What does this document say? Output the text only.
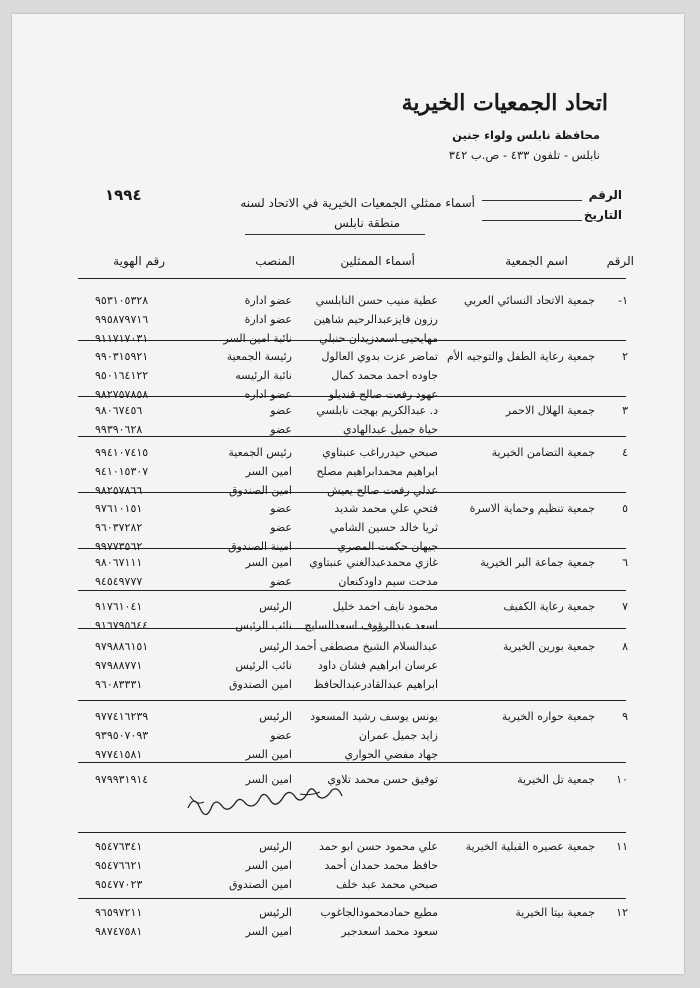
اتحاد الجمعيات الخيرية
محافظة نابلس ولواء جنين
نابلس - تلفون ٤٣٣ - ص.ب ٣٤٢
الرقم
التاريخ
أسماء ممثلي الجمعيات الخيرية في الاتحاد لسنه
١٩٩٤
منطقة نابلس
الرقم
اسم الجمعية
أسماء الممثلين
المنصب
رقم الهوية
١-
جمعية الاتحاد النسائي العربي
عطية منيب حسن النابلسي
عضو ادارة
٩٥٣١٠٥٣٢٨
رزون فايزعبدالرحيم شاهين
عضو ادارة
٩٩٥٨٧٩٧١٦
مهايحيى اسعدزيدان حنبلي
نائبة امين السر
٩١١٧١٧٠٣١
٢
جمعية رعاية الطفل والتوجيه الأم
تماضر عزت بدوي العالول
رئيسة الجمعية
٩٩٠٣١٥٩٢١
جاوده احمد محمد كمال
نائبة الرئيسه
٩٥٠١٦٤١٢٢
عهود رفعت صالح قنديلو
عضو اداره
٩٨٢٧٥٧٨٥٨
٣
جمعية الهلال الاحمر
د. عبدالكريم بهجت نابلسي
عضو
٩٨٠٦٧٤٥٦
حياة جميل عبدالهادي
عضو
٩٩٣٩٠٦٢٨
٤
جمعية التضامن الخيرية
صبحي حيدرراغب عنبتاوي
رئيس الجمعية
٩٩٤١٠٧٤١٥
ابراهيم محمدابراهيم مصلح
امين السر
٩٤١٠١٥٣٠٧
عدلي رفعت صالح يعيش
امين الصندوق
٩٨٢٥٧٨٦٦
٥
جمعية تنظيم وحماية الاسرة
فتحي علي محمد شديد
عضو
٩٧٦١٠١٥١
ثريا خالد حسين الشامي
عضو
٩٦٠٣٧٢٨٢
جيهان حكمت المصري
امينة الصندوق
٩٩٧٧٣٥٦٢
٦
جمعية جماعة البر الخيرية
غازي محمدعبدالغني عنبتاوي
امين السر
٩٨٠٦٧١١١
مدحت سيم داودكنعان
عضو
٩٤٥٤٩٧٧٧
٧
جمعية رعاية الكفيف
محمود نايف احمد خليل
الرئيس
٩١٧٦١٠٤١
اسعد عبدالرؤوف اسعدالسايح
نائب الرئيس
٩١٦٧٩٥٦٤٤
٨
جمعية بورين الخيرية
عبدالسلام الشيخ مصطفى أحمد
الرئيس
٩٧٩٨٨٦١٥١
عرسان ابراهيم فشان داود
نائب الرئيس
٩٧٩٨٨٧٧١
ابراهيم عبدالقادرعبدالحافظ
امين الصندوق
٩٦٠٨٣٣٣١
٩
جمعية حواره الخيرية
يونس يوسف رشيد المسعود
الرئيس
٩٧٧٤١٦٢٣٩
زايد جميل عمران
عضو
٩٣٩٥٠٧٠٩٣
جهاد مفضي الحواري
امين السر
٩٧٧٤١٥٨١
١٠
جمعية تل الخيرية
توفيق حسن محمد تلاوي
امين السر
٩٧٩٩٣١٩١٤
١١
جمعية عصيره القبلية الخيرية
علي محمود حسن ابو حمد
الرئيس
٩٥٤٧٦٣٤١
حافظ محمد حمدان أحمد
امين السر
٩٥٤٧٦٦٢١
صبحي محمد عبد خلف
امين الصندوق
٩٥٤٧٧٠٢٣
١٢
جمعية بيتا الخيرية
مطيع حمادمحمودالجاغوب
الرئيس
٩٦٥٩٧٢١١
سعود محمد اسعدجبر
امين السر
٩٨٧٤٧٥٨١
